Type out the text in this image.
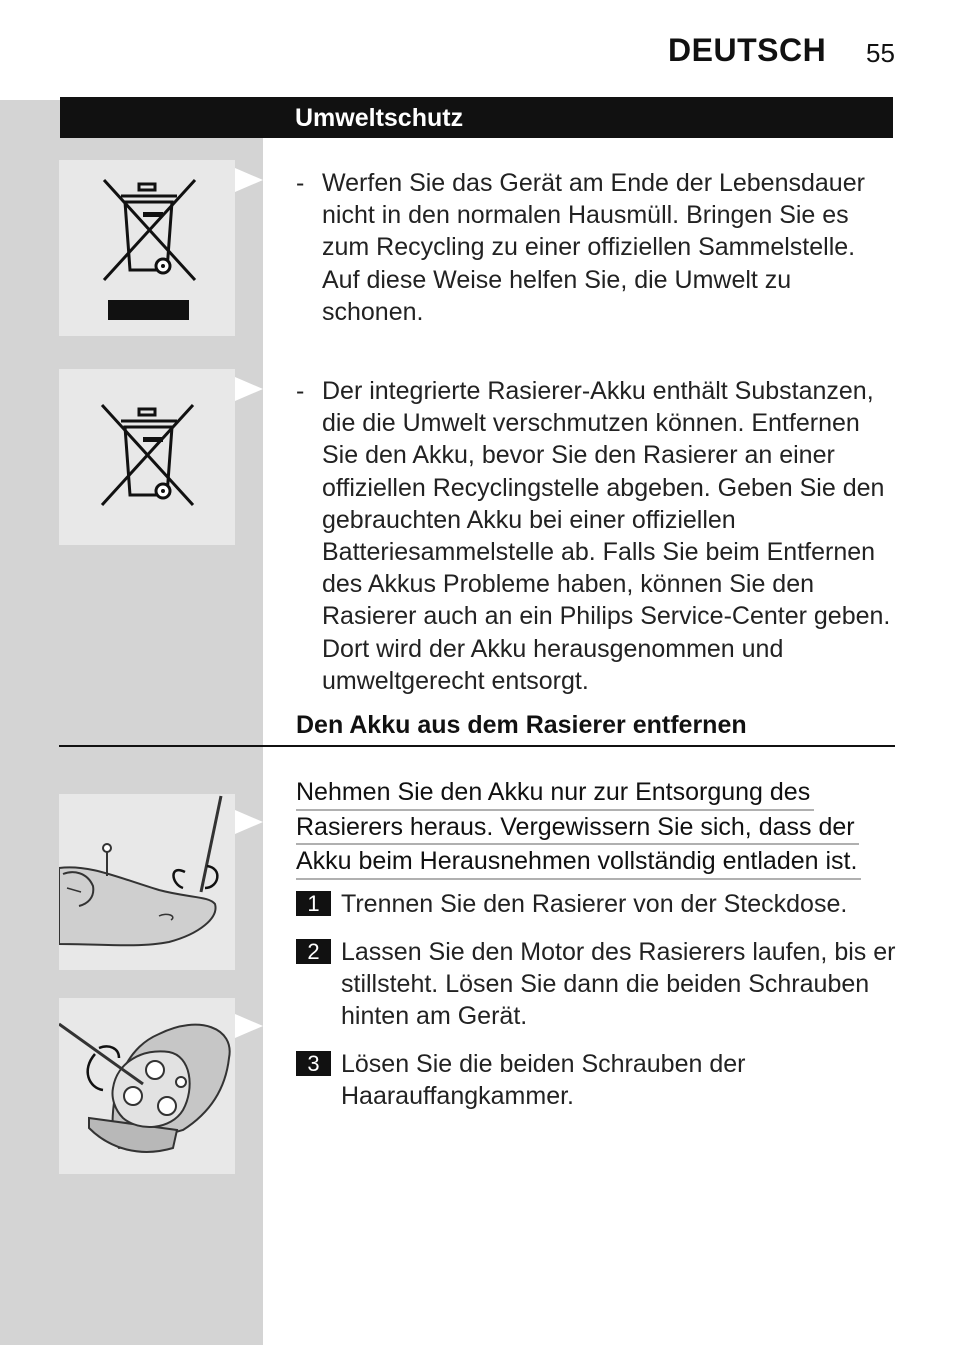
DEUTSCH 55
Umweltschutz
- Werfen Sie das Gerät am Ende der Lebensdauer nicht in den normalen Hausmüll. Bringen Sie es zum Recycling zu einer offiziellen Sammelstelle. Auf diese Weise helfen Sie, die Umwelt zu schonen.
- Der integrierte Rasierer-Akku enthält Substanzen, die die Umwelt verschmutzen können. Entfernen Sie den Akku, bevor Sie den Rasierer an einer offiziellen Recyclingstelle abgeben. Geben Sie den gebrauchten Akku bei einer offiziellen Batteriesammelstelle ab. Falls Sie beim Entfernen des Akkus Probleme haben, können Sie den Rasierer auch an ein Philips Service-Center geben. Dort wird der Akku herausgenommen und umweltgerecht entsorgt.
Den Akku aus dem Rasierer entfernen
Nehmen Sie den Akku nur zur Entsorgung des
Rasierers heraus. Vergewissern Sie sich, dass der
Akku beim Herausnehmen vollständig entladen ist.
1 Trennen Sie den Rasierer von der Steckdose.
2 Lassen Sie den Motor des Rasierers laufen, bis er stillsteht. Lösen Sie dann die beiden Schrauben hinten am Gerät.
3 Lösen Sie die beiden Schrauben der Haarauffangkammer.
